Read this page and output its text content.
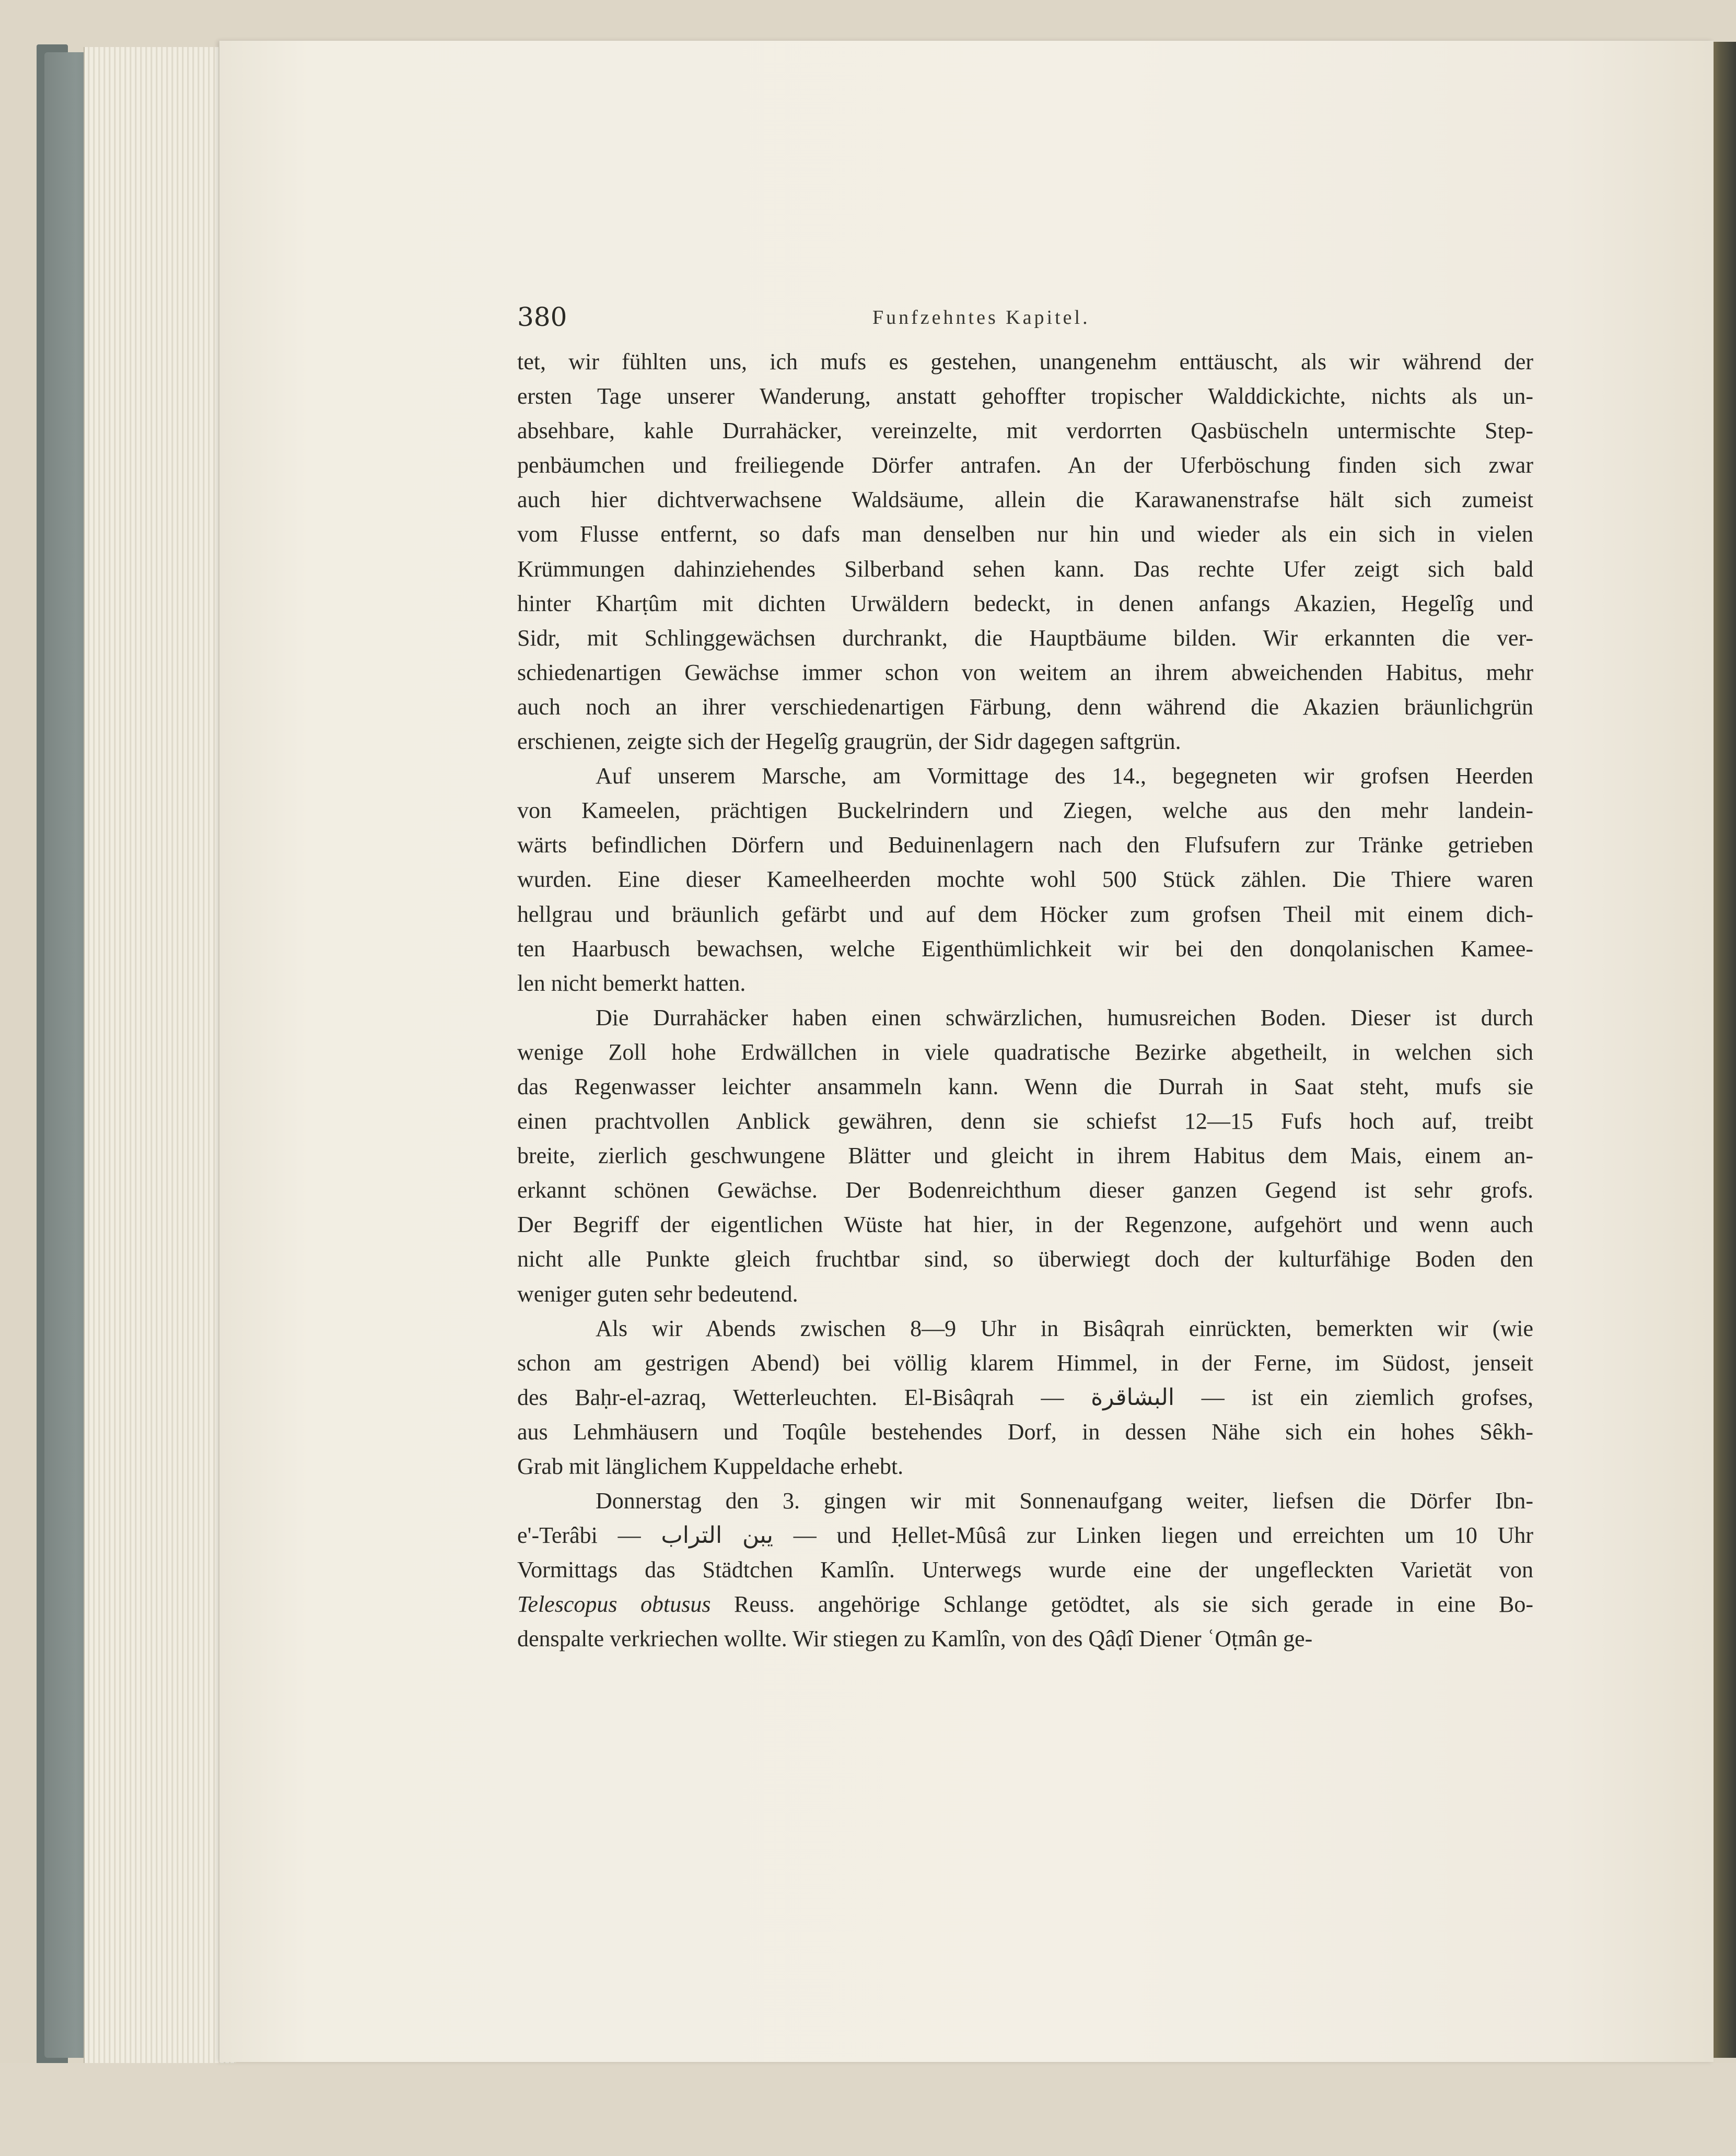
380	Funfzehntes Kapitel.
tet, wir fühlten uns, ich mufs es gestehen, unangenehm enttäuscht, als wir während der
ersten Tage unserer Wanderung, anstatt gehoffter tropischer Walddickichte, nichts als un-
absehbare, kahle Durrahäcker, vereinzelte, mit verdorrten Qasbüscheln untermischte Step-
penbäumchen und freiliegende Dörfer antrafen. An der Uferböschung finden sich zwar
auch hier dichtverwachsene Waldsäume, allein die Karawanenstrafse hält sich zumeist
vom Flusse entfernt, so dafs man denselben nur hin und wieder als ein sich in vielen
Krümmungen dahinziehendes Silberband sehen kann. Das rechte Ufer zeigt sich bald
hinter Kharṭûm mit dichten Urwäldern bedeckt, in denen anfangs Akazien, Hegelîg und
Sidr, mit Schlinggewächsen durchrankt, die Hauptbäume bilden. Wir erkannten die ver-
schiedenartigen Gewächse immer schon von weitem an ihrem abweichenden Habitus, mehr
auch noch an ihrer verschiedenartigen Färbung, denn während die Akazien bräunlichgrün
erschienen, zeigte sich der Hegelîg graugrün, der Sidr dagegen saftgrün.
Auf unserem Marsche, am Vormittage des 14., begegneten wir grofsen Heerden
von Kameelen, prächtigen Buckelrindern und Ziegen, welche aus den mehr landein-
wärts befindlichen Dörfern und Beduinenlagern nach den Flufsufern zur Tränke getrieben
wurden. Eine dieser Kameelheerden mochte wohl 500 Stück zählen. Die Thiere waren
hellgrau und bräunlich gefärbt und auf dem Höcker zum grofsen Theil mit einem dich-
ten Haarbusch bewachsen, welche Eigenthümlichkeit wir bei den donqolanischen Kamee-
len nicht bemerkt hatten.
Die Durrahäcker haben einen schwärzlichen, humusreichen Boden. Dieser ist durch
wenige Zoll hohe Erdwällchen in viele quadratische Bezirke abgetheilt, in welchen sich
das Regenwasser leichter ansammeln kann. Wenn die Durrah in Saat steht, mufs sie
einen prachtvollen Anblick gewähren, denn sie schiefst 12—15 Fufs hoch auf, treibt
breite, zierlich geschwungene Blätter und gleicht in ihrem Habitus dem Mais, einem an-
erkannt schönen Gewächse. Der Bodenreichthum dieser ganzen Gegend ist sehr grofs.
Der Begriff der eigentlichen Wüste hat hier, in der Regenzone, aufgehört und wenn auch
nicht alle Punkte gleich fruchtbar sind, so überwiegt doch der kulturfähige Boden den
weniger guten sehr bedeutend.
Als wir Abends zwischen 8—9 Uhr in Bisâqrah einrückten, bemerkten wir (wie
schon am gestrigen Abend) bei völlig klarem Himmel, in der Ferne, im Südost, jenseit
des Baḥr-el-azraq, Wetterleuchten. El-Bisâqrah — البشاقرة — ist ein ziemlich grofses,
aus Lehmhäusern und Toqûle bestehendes Dorf, in dessen Nähe sich ein hohes Sêkh-
Grab mit länglichem Kuppeldache erhebt.
Donnerstag den 3. gingen wir mit Sonnenaufgang weiter, liefsen die Dörfer Ibn-
e'-Terâbi — يبن التراب — und Ḥellet-Mûsâ zur Linken liegen und erreichten um 10 Uhr
Vormittags das Städtchen Kamlîn. Unterwegs wurde eine der ungefleckten Varietät von
Telescopus obtusus Reuss. angehörige Schlange getödtet, als sie sich gerade in eine Bo-
denspalte verkriechen wollte. Wir stiegen zu Kamlîn, von des Qâḍî Diener ʿOṭmân ge-
